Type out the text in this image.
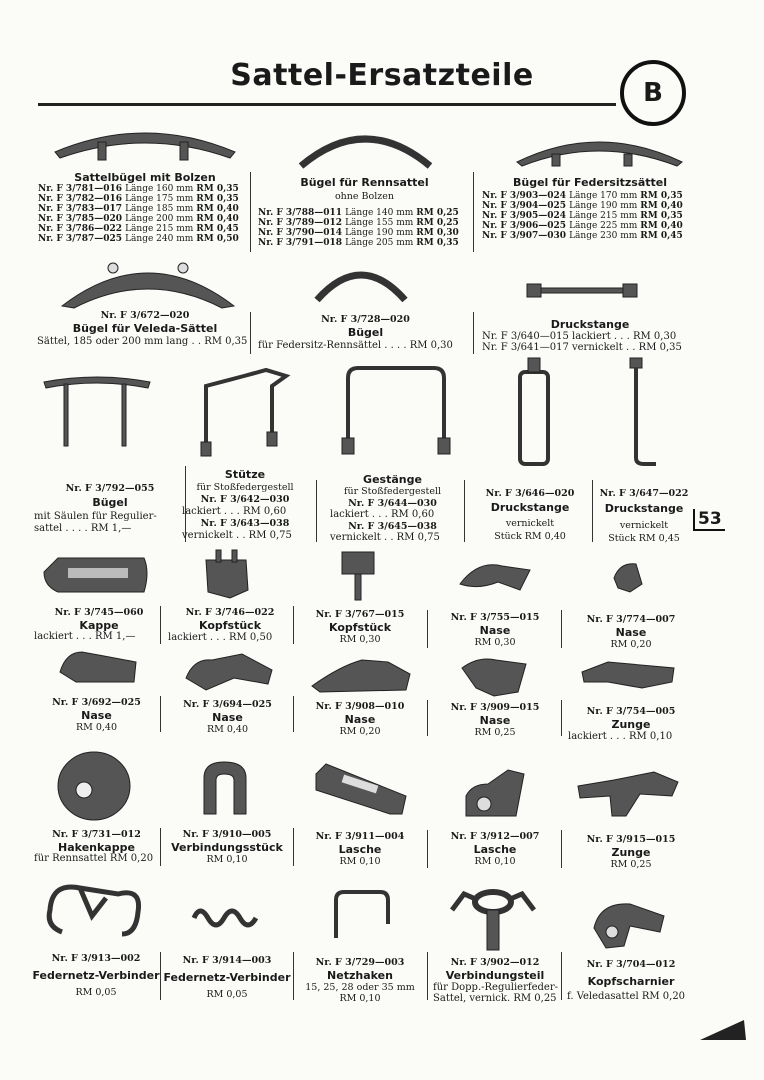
Sattel-Ersatzteile	B
53
Sattelbügel mit Bolzen
Nr. F 3/781—016	Länge 160 mm	RM 0,35
Nr. F 3/782—016	Länge 175 mm	RM 0,35
Nr. F 3/783—017	Länge 185 mm	RM 0,40
Nr. F 3/785—020	Länge 200 mm	RM 0,40
Nr. F 3/786—022	Länge 215 mm	RM 0,45
Nr. F 3/787—025	Länge 240 mm	RM 0,50
Bügel für Rennsattel
ohne Bolzen
Nr. F 3/788—011	Länge 140 mm	RM 0,25
Nr. F 3/789—012	Länge 155 mm	RM 0,25
Nr. F 3/790—014	Länge 190 mm	RM 0,30
Nr. F 3/791—018	Länge 205 mm	RM 0,35
Bügel für Federsitzsättel
Nr. F 3/903—024	Länge 170 mm	RM 0,35
Nr. F 3/904—025	Länge 190 mm	RM 0,40
Nr. F 3/905—024	Länge 215 mm	RM 0,35
Nr. F 3/906—025	Länge 225 mm	RM 0,40
Nr. F 3/907—030	Länge 230 mm	RM 0,45
Nr. F 3/672—020
Bügel für Veleda-Sättel
Sättel, 185 oder 200 mm lang . . RM 0,35
Nr. F 3/728—020
Bügel
für Federsitz-Rennsättel . . . . RM 0,30
Druckstange
Nr. F 3/640—015 lackiert . . . RM 0,30
Nr. F 3/641—017 vernickelt . . RM 0,35
Nr. F 3/792—055
Bügel
mit Säulen für Regulier-
sattel . . . . RM 1,—
Stütze
für Stoßfedergestell
Nr. F 3/642—030
lackiert . . . RM 0,60
Nr. F 3/643—038
vernickelt . . RM 0,75
Gestänge
für Stoßfedergestell
Nr. F 3/644—030
lackiert . . . RM 0,60
Nr. F 3/645—038
vernickelt . . RM 0,75
Nr. F 3/646—020
Druckstange
vernickelt
Stück RM 0,40
Nr. F 3/647—022
Druckstange
vernickelt
Stück RM 0,45
Nr. F 3/745—060
Kappe
lackiert . . . RM 1,—
Nr. F 3/746—022
Kopfstück
lackiert . . . RM 0,50
Nr. F 3/767—015
Kopfstück
RM 0,30
Nr. F 3/755—015
Nase
RM 0,30
Nr. F 3/774—007
Nase
RM 0,20
Nr. F 3/692—025
Nase
RM 0,40
Nr. F 3/694—025
Nase
RM 0,40
Nr. F 3/908—010
Nase
RM 0,20
Nr. F 3/909—015
Nase
RM 0,25
Nr. F 3/754—005
Zunge
lackiert . . . RM 0,10
Nr. F 3/731—012
Hakenkappe
für Rennsattel RM 0,20
Nr. F 3/910—005
Verbindungsstück
RM 0,10
Nr. F 3/911—004
Lasche
RM 0,10
Nr. F 3/912—007
Lasche
RM 0,10
Nr. F 3/915—015
Zunge
RM 0,25
Nr. F 3/913—002
Federnetz-Verbinder
RM 0,05
Nr. F 3/914—003
Federnetz-Verbinder
RM 0,05
Nr. F 3/729—003
Netzhaken
15, 25, 28 oder 35 mm
RM 0,10
Nr. F 3/902—012
Verbindungsteil
für Dopp.-Regulierfeder-
Sattel, vernick. RM 0,25
Nr. F 3/704—012
Kopfscharnier
f. Veledasattel RM 0,20
